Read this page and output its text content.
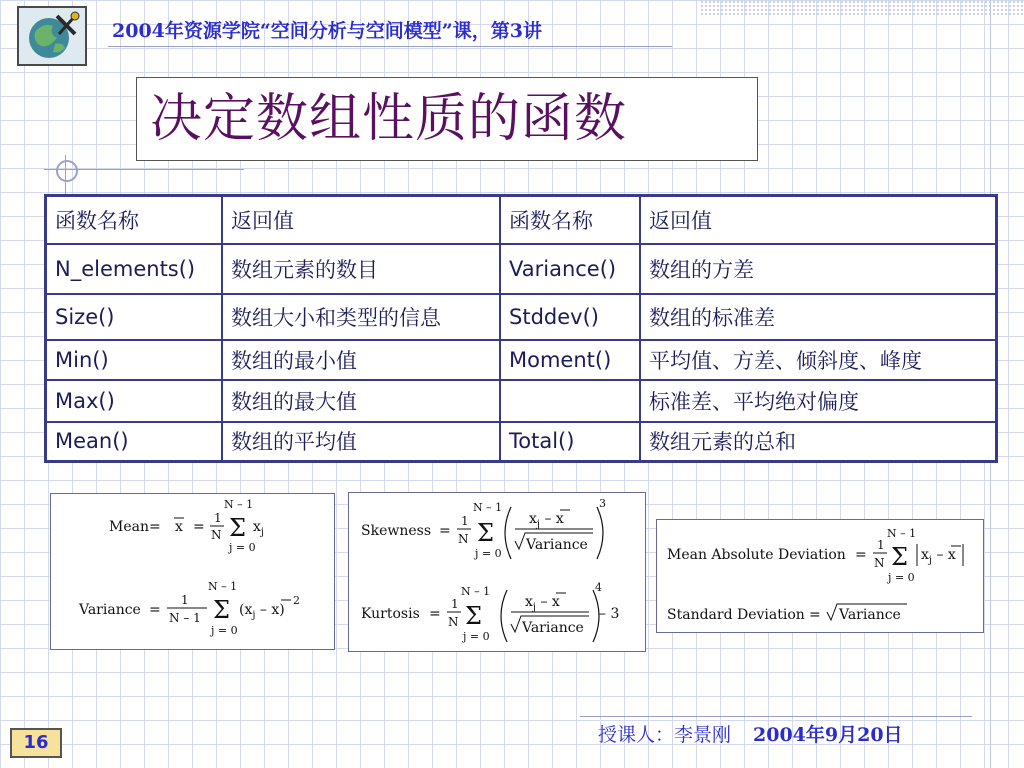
2004年资源学院“空间分析与空间模型”课，第3讲

决定数组性质的函数
函数名称	返回值	函数名称	返回值
N_elements()	数组元素的数目	Variance()	数组的方差
Size()	数组大小和类型的信息	Stddev()	数组的标准差
Min()	数组的最小值	Moment()	平均值、方差、倾斜度、峰度
Max()	数组的最大值		标准差、平均绝对偏度
Mean()	数组的平均值	Total()	数组元素的总和
Mean = x =
1
N
N – 1
Σ
j = 0
$x_j$
Variance =
1
N – 1
N – 1
Σ
j = 0
$(x_j - x)$
2
Skewness =
1
N
N – 1
Σ
j = 0
$x_j$ – x
Variance
3
Kurtosis =
1
N
N – 1
Σ
j = 0
$x_j$ – x
Variance
4
– 3
Mean Absolute Deviation =
1
N
N – 1
Σ
j = 0
$x_j$ – x
Standard Deviation = Variance
16	授课人：李景刚 2004年9月20日
